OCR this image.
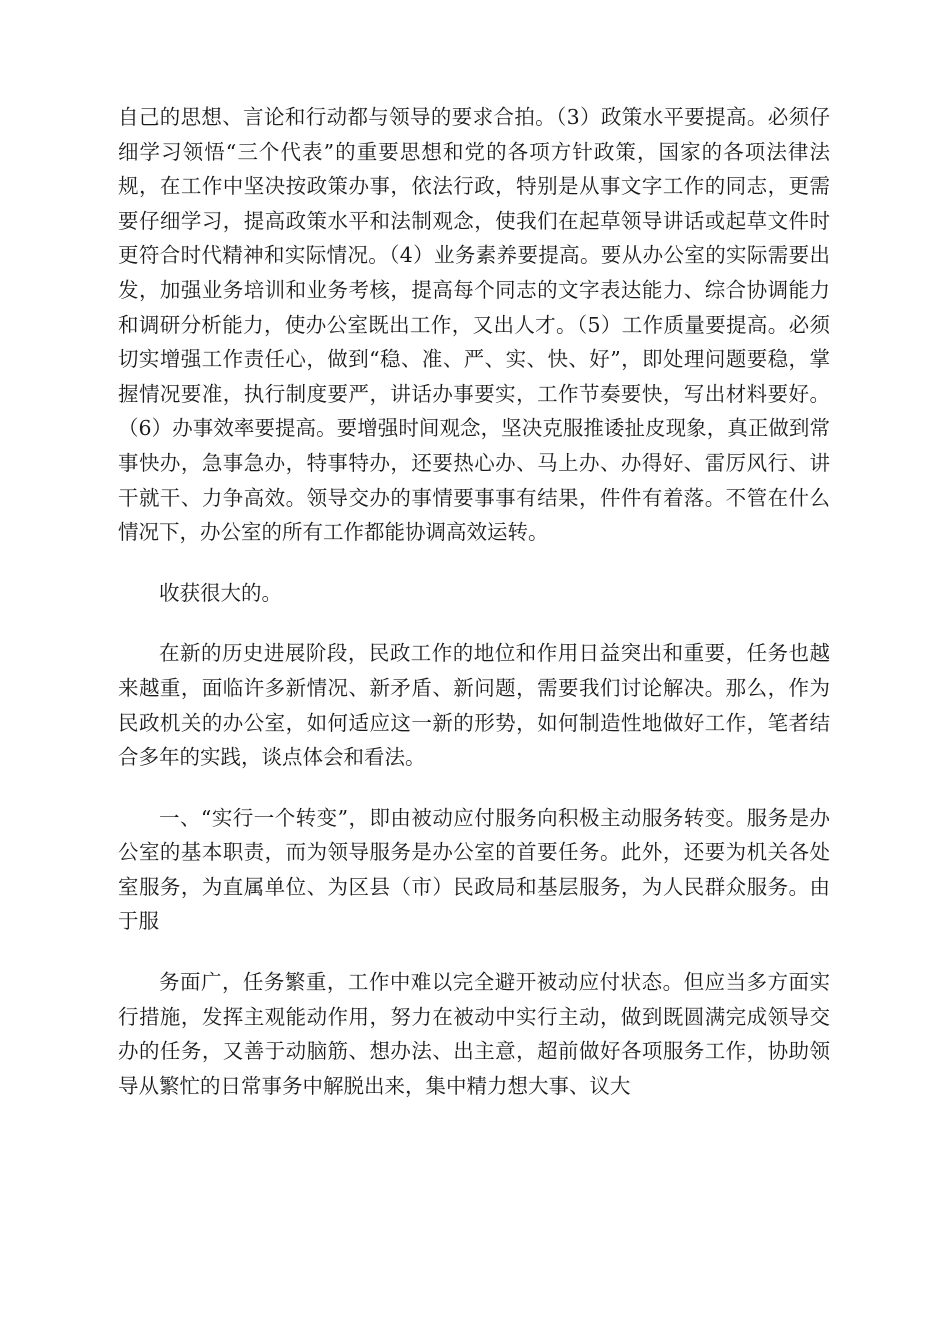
自己的思想、言论和行动都与领导的要求合拍。（3）政策水平要提高。必须仔细学习领悟“三个代表”的重要思想和党的各项方针政策，国家的各项法律法规，在工作中坚决按政策办事，依法行政，特别是从事文字工作的同志，更需要仔细学习，提高政策水平和法制观念，使我们在起草领导讲话或起草文件时更符合时代精神和实际情况。（4）业务素养要提高。要从办公室的实际需要出发，加强业务培训和业务考核，提高每个同志的文字表达能力、综合协调能力和调研分析能力，使办公室既出工作，又出人才。（5）工作质量要提高。必须切实增强工作责任心，做到“稳、准、严、实、快、好”，即处理问题要稳，掌握情况要准，执行制度要严，讲话办事要实，工作节奏要快，写出材料要好。（6）办事效率要提高。要增强时间观念，坚决克服推诿扯皮现象，真正做到常事快办，急事急办，特事特办，还要热心办、马上办、办得好、雷厉风行、讲干就干、力争高效。领导交办的事情要事事有结果，件件有着落。不管在什么情况下，办公室的所有工作都能协调高效运转。

收获很大的。

在新的历史进展阶段，民政工作的地位和作用日益突出和重要，任务也越来越重，面临许多新情况、新矛盾、新问题，需要我们讨论解决。那么，作为民政机关的办公室，如何适应这一新的形势，如何制造性地做好工作，笔者结合多年的实践，谈点体会和看法。

一、“实行一个转变”，即由被动应付服务向积极主动服务转变。服务是办公室的基本职责，而为领导服务是办公室的首要任务。此外，还要为机关各处室服务，为直属单位、为区县（市）民政局和基层服务，为人民群众服务。由于服

务面广，任务繁重，工作中难以完全避开被动应付状态。但应当多方面实行措施，发挥主观能动作用，努力在被动中实行主动，做到既圆满完成领导交办的任务，又善于动脑筋、想办法、出主意，超前做好各项服务工作，协助领导从繁忙的日常事务中解脱出来，集中精力想大事、议大
